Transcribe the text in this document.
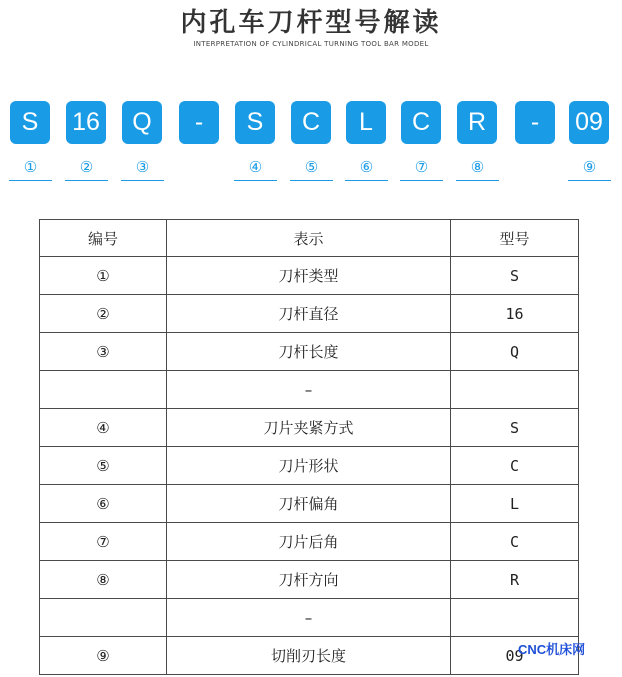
内孔车刀杆型号解读
INTERPRETATION OF CYLINDRICAL TURNING TOOL BAR MODEL
S	16	Q	-	S	C	L	C	R	-	09
①	②	③	④	⑤	⑥	⑦	⑧	⑨
编号	表示	型号
①	刀杆类型	S
②	刀杆直径	16
③	刀杆长度	Q
	–	
④	刀片夹紧方式	S
⑤	刀片形状	C
⑥	刀杆偏角	L
⑦	刀片后角	C
⑧	刀杆方向	R
	–	
⑨	切削刃长度	09
CNC机床网
